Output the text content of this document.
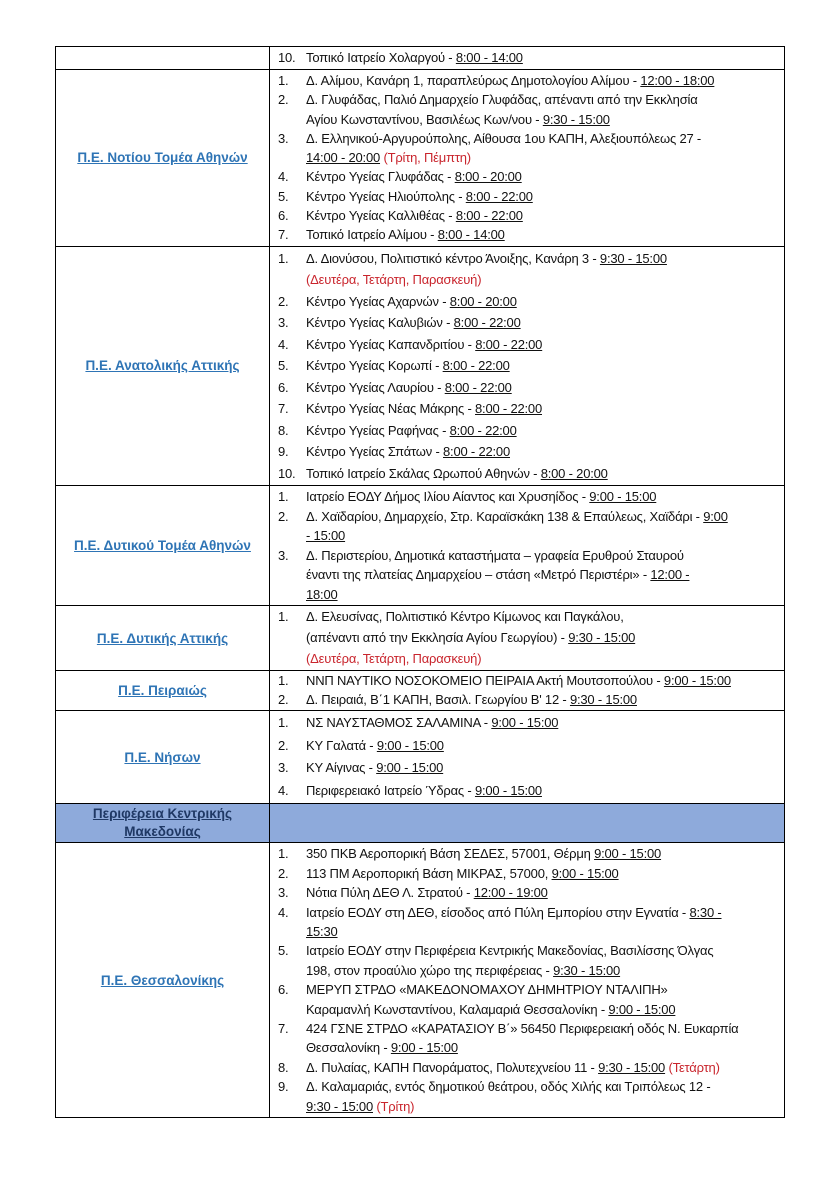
	10. Τοπικό Ιατρείο Χολαργού - 8:00 - 14:00

Π.Ε. Νοτίου Τομέα Αθηνών	
1.	Δ. Αλίμου, Κανάρη 1, παραπλεύρως Δημοτολογίου Αλίμου - 12:00 - 18:00
2.	Δ. Γλυφάδας, Παλιό Δημαρχείο Γλυφάδας, απέναντι από την Εκκλησία
Αγίου Κωνσταντίνου, Βασιλέως Κων/νου - 9:30 - 15:00
3.	Δ. Ελληνικού-Αργυρούπολης, Αίθουσα 1ου ΚΑΠΗ, Αλεξιουπόλεως 27 -
14:00 - 20:00 (Τρίτη, Πέμπτη)
4.	Κέντρο Υγείας Γλυφάδας - 8:00 - 20:00
5.	Κέντρο Υγείας Ηλιούπολης - 8:00 - 22:00
6.	Κέντρο Υγείας Καλλιθέας - 8:00 - 22:00
7.	Τοπικό Ιατρείο Αλίμου - 8:00 - 14:00

Π.Ε. Ανατολικής Αττικής	
1.	Δ. Διονύσου, Πολιτιστικό κέντρο Άνοιξης, Κανάρη 3 - 9:30 - 15:00
(Δευτέρα, Τετάρτη, Παρασκευή)
2.	Κέντρο Υγείας Αχαρνών - 8:00 - 20:00
3.	Κέντρο Υγείας Καλυβιών - 8:00 - 22:00
4.	Κέντρο Υγείας Καπανδριτίου - 8:00 - 22:00
5.	Κέντρο Υγείας Κορωπί - 8:00 - 22:00
6.	Κέντρο Υγείας Λαυρίου - 8:00 - 22:00
7.	Κέντρο Υγείας Νέας Μάκρης - 8:00 - 22:00
8.	Κέντρο Υγείας Ραφήνας - 8:00 - 22:00
9.	Κέντρο Υγείας Σπάτων - 8:00 - 22:00
10. Τοπικό Ιατρείο Σκάλας Ωρωπού Αθηνών - 8:00 - 20:00

Π.Ε. Δυτικού Τομέα Αθηνών	
1.	Ιατρείο ΕΟΔΥ Δήμος Ιλίου Αίαντος και Χρυσηίδος - 9:00 - 15:00
2.	Δ. Χαϊδαρίου, Δημαρχείο, Στρ. Καραϊσκάκη 138 & Επαύλεως, Χαϊδάρι - 9:00
- 15:00
3.	Δ. Περιστερίου, Δημοτικά καταστήματα – γραφεία Ερυθρού Σταυρού
έναντι της πλατείας Δημαρχείου – στάση «Μετρό Περιστέρι» - 12:00 -
18:00

Π.Ε. Δυτικής Αττικής	1. Δ. Ελευσίνας, Πολιτιστικό Κέντρο Κίμωνος και Παγκάλου,
(απέναντι από την Εκκλησία Αγίου Γεωργίου) - 9:30 - 15:00
(Δευτέρα, Τετάρτη, Παρασκευή)

Π.Ε. Πειραιώς	1. ΝΝΠ ΝΑΥΤΙΚΟ ΝΟΣΟΚΟΜΕΙΟ ΠΕΙΡΑΙΑ Ακτή Μουτσοπούλου - 9:00 - 15:00
2. Δ. Πειραιά, Β΄1 ΚΑΠΗ, Βασιλ. Γεωργίου Β' 12 - 9:30 - 15:00

Π.Ε. Νήσων	
1.	ΝΣ ΝΑΥΣΤΑΘΜΟΣ ΣΑΛΑΜΙΝΑ - 9:00 - 15:00
2.	ΚΥ Γαλατά - 9:00 - 15:00
3.	ΚΥ Αίγινας - 9:00 - 15:00
4.	Περιφερειακό Ιατρείο Ύδρας - 9:00 - 15:00

Περιφέρεια Κεντρικής Μακεδονίας	
Π.Ε. Θεσσαλονίκης	
1.	350 ΠΚΒ Αεροπορική Βάση ΣΕΔΕΣ, 57001, Θέρμη 9:00 - 15:00
2.	113 ΠΜ Αεροπορική Βάση ΜΙΚΡΑΣ, 57000, 9:00 - 15:00
3.	Νότια Πύλη ΔΕΘ Λ. Στρατού - 12:00 - 19:00
4.	Ιατρείο ΕΟΔΥ στη ΔΕΘ, είσοδος από Πύλη Εμπορίου στην Εγνατία - 8:30 -
15:30
5.	Ιατρείο ΕΟΔΥ στην Περιφέρεια Κεντρικής Μακεδονίας, Βασιλίσσης Όλγας
198, στον προαύλιο χώρο της περιφέρειας - 9:30 - 15:00
6.	ΜΕΡΥΠ ΣΤΡΔΟ «ΜΑΚΕΔΟΝΟΜΑΧΟΥ ΔΗΜΗΤΡΙΟΥ ΝΤΑΛΙΠΗ»
Καραμανλή Κωνσταντίνου, Καλαμαριά Θεσσαλονίκη - 9:00 - 15:00
7.	424 ΓΣΝΕ ΣΤΡΔΟ «ΚΑΡΑΤΑΣΙΟΥ Β΄» 56450 Περιφερειακή οδός Ν. Ευκαρπία
Θεσσαλονίκη - 9:00 - 15:00
8.	Δ. Πυλαίας, ΚΑΠΗ Πανοράματος, Πολυτεχνείου 11 - 9:30 - 15:00 (Τετάρτη)
9.	Δ. Καλαμαριάς, εντός δημοτικού θεάτρου, οδός Χιλής και Τριπόλεως 12 -
9:30 - 15:00 (Τρίτη)
